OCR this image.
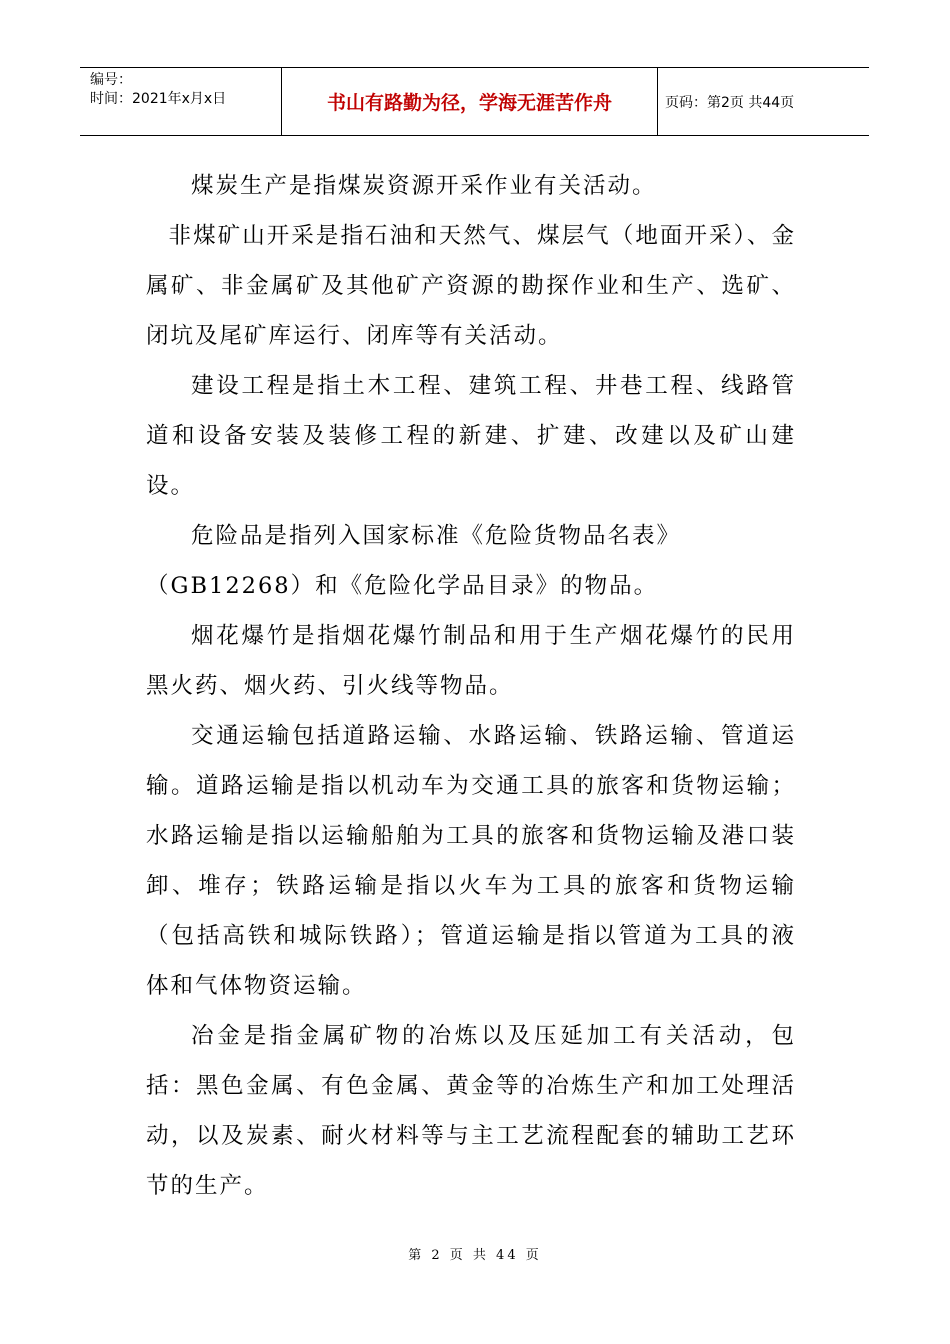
编号：
时间：2021年x月x日	书山有路勤为径，学海无涯苦作舟	页码：第2页 共44页

煤炭生产是指煤炭资源开采作业有关活动。

非煤矿山开采是指石油和天然气、煤层气（地面开采）、金属矿、非金属矿及其他矿产资源的勘探作业和生产、选矿、闭坑及尾矿库运行、闭库等有关活动。

建设工程是指土木工程、建筑工程、井巷工程、线路管道和设备安装及装修工程的新建、扩建、改建以及矿山建设。

危险品是指列入国家标准《危险货物品名表》

（GB12268）和《危险化学品目录》的物品。

烟花爆竹是指烟花爆竹制品和用于生产烟花爆竹的民用黑火药、烟火药、引火线等物品。

交通运输包括道路运输、水路运输、铁路运输、管道运输。道路运输是指以机动车为交通工具的旅客和货物运输；水路运输是指以运输船舶为工具的旅客和货物运输及港口装卸、堆存；铁路运输是指以火车为工具的旅客和货物运输（包括高铁和城际铁路）；管道运输是指以管道为工具的液体和气体物资运输。

冶金是指金属矿物的冶炼以及压延加工有关活动，包括：黑色金属、有色金属、黄金等的冶炼生产和加工处理活动，以及炭素、耐火材料等与主工艺流程配套的辅助工艺环节的生产。

第 2 页 共 44 页
